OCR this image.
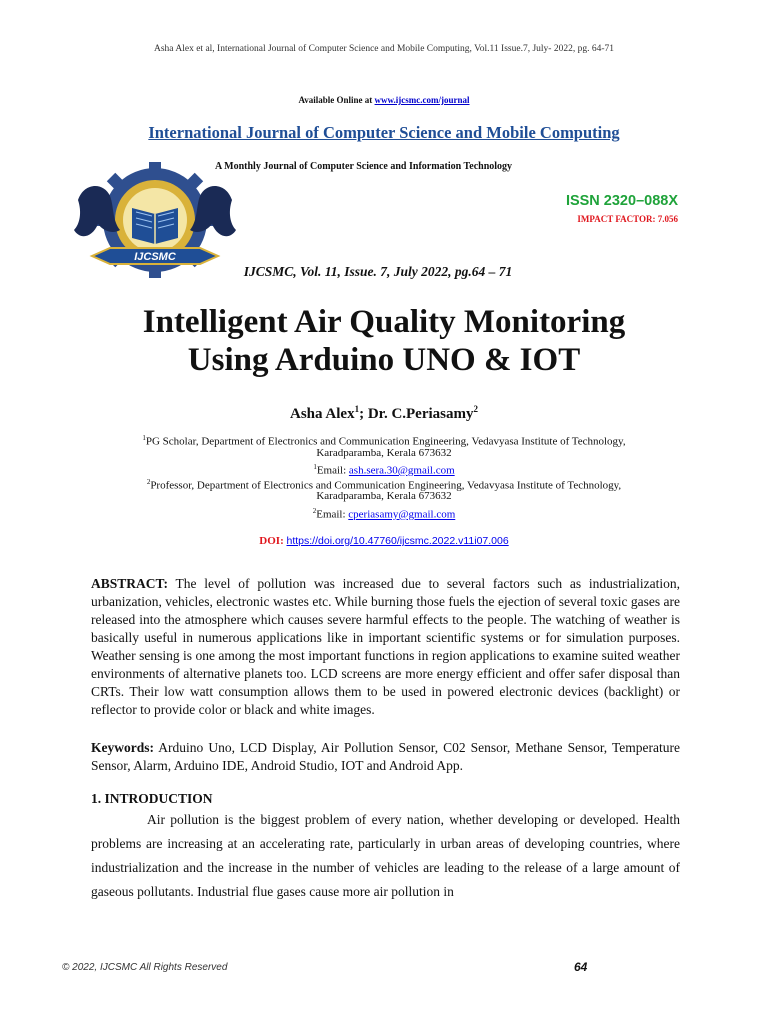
Asha Alex et al, International Journal of Computer Science and Mobile Computing, Vol.11 Issue.7, July- 2022, pg. 64-71
Available Online at www.ijcsmc.com/journal
International Journal of Computer Science and Mobile Computing
A Monthly Journal of Computer Science and Information Technology
IJCSMC
ISSN 2320–088X
IMPACT FACTOR: 7.056
IJCSMC, Vol. 11, Issue. 7, July 2022, pg.64 – 71
Intelligent Air Quality Monitoring
Using Arduino UNO & IOT
Asha Alex$^1$; Dr. C.Periasamy$^2$
$^1$PG Scholar, Department of Electronics and Communication Engineering, Vedavyasa Institute of Technology,
Karadparamba, Kerala 673632
$^1$Email: ash.sera.30@gmail.com
$^2$Professor, Department of Electronics and Communication Engineering, Vedavyasa Institute of Technology,
Karadparamba, Kerala 673632
$^2$Email: cperiasamy@gmail.com
DOI: https://doi.org/10.47760/ijcsmc.2022.v11i07.006
ABSTRACT: The level of pollution was increased due to several factors such as industrialization, urbanization, vehicles, electronic wastes etc. While burning those fuels the ejection of several toxic gases are released into the atmosphere which causes severe harmful effects to the people. The watching of weather is basically useful in numerous applications like in important scientific systems or for simulation purposes. Weather sensing is one among the most important functions in region applications to examine suited weather environments of alternative planets too. LCD screens are more energy efficient and offer safer disposal than CRTs. Their low watt consumption allows them to be used in powered electronic devices (backlight) or reflector to provide color or black and white images.
Keywords: Arduino Uno, LCD Display, Air Pollution Sensor, C02 Sensor, Methane Sensor, Temperature Sensor, Alarm, Arduino IDE, Android Studio, IOT and Android App.
1. INTRODUCTION
Air pollution is the biggest problem of every nation, whether developing or developed. Health problems are increasing at an accelerating rate, particularly in urban areas of developing countries, where industrialization and the increase in the number of vehicles are leading to the release of a large amount of gaseous pollutants. Industrial flue gases cause more air pollution in
© 2022, IJCSMC All Rights Reserved	64
